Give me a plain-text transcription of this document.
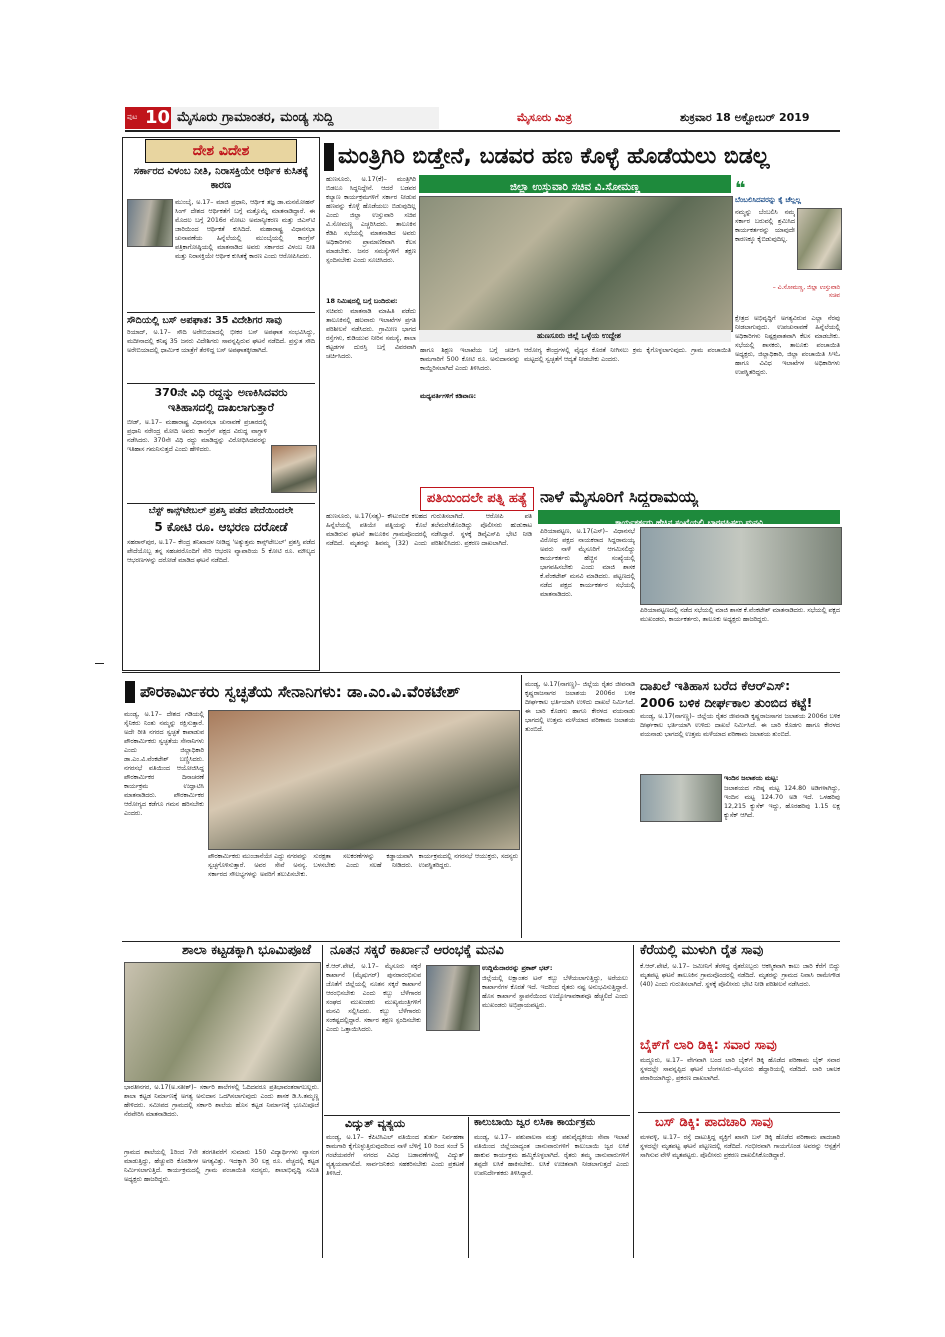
ಪುಟ 10 ಮೈಸೂರು ಗ್ರಾಮಾಂತರ, ಮಂಡ್ಯ ಸುದ್ದಿ	ಮೈಸೂರು ಮಿತ್ರ	ಶುಕ್ರವಾರ 18 ಅಕ್ಟೋಬರ್ 2019
ದೇಶ ವಿದೇಶ
ಸರ್ಕಾರದ ವಿಳಂಬ ನೀತಿ, ನಿರಾಸಕ್ತಿಯೇ ಆರ್ಥಿಕ ಕುಸಿತಕ್ಕೆ ಕಾರಣ
ಮುಂಬೈ, ಅ.17– ಮಾಜಿ ಪ್ರಧಾನಿ, ಆರ್ಥಿಕ ತಜ್ಞ ಡಾ.ಮನಮೋಹನ್ ಸಿಂಗ್ ದೇಶದ ಆರ್ಥಿಕತೆಗೆ ಬಗ್ಗೆ ಮತ್ತೊಮ್ಮೆ ಮಾತನಾಡಿದ್ದಾರೆ. ಈ ಮೊದಲ ಬಗ್ಗೆ 2016ರ ನೋಟು ಅಮಾನ್ಯೀಕರಣ ಮತ್ತು ಜಿಎಸ್‌ಟಿ ಜಾರಿಯಿಂದ ಆರ್ಥಿಕತೆ ಕುಸಿದಿದೆ. ಮಹಾರಾಷ್ಟ್ರ ವಿಧಾನಸಭಾ ಚುನಾವಣೆಯ ಹಿನ್ನೆಲೆಯಲ್ಲಿ ಮುಂಬೈಯಲ್ಲಿ ಕಾಂಗ್ರೆಸ್ ಪತ್ರಿಕಾಗೋಷ್ಠಿಯಲ್ಲಿ ಮಾತನಾಡಿದ ಅವರು ಸರ್ಕಾರದ ವಿಳಂಬ ನೀತಿ ಮತ್ತು ನಿರಾಸಕ್ತಿಯೇ ಆರ್ಥಿಕ ಕುಸಿತಕ್ಕೆ ಕಾರಣ ಎಂದು ಆರೋಪಿಸಿದರು.
ಸೌದಿಯಲ್ಲಿ ಬಸ್ ಅಪಘಾತ: 35 ವಿದೇಶಿಗರ ಸಾವು
ರಿಯಾದ್, ಅ.17– ಸೌದಿ ಅರೇಬಿಯಾದಲ್ಲಿ ಭೀಕರ ಬಸ್ ಅಪಘಾತ ಸಂಭವಿಸಿದ್ದು, ಮದೀನಾದಲ್ಲಿ ಕನಿಷ್ಠ 35 ಜನರು ವಿದೇಶಿಗರು ಸಾವನ್ನಪ್ಪಿರುವ ಘಟನೆ ನಡೆದಿದೆ. ಪ್ರಸ್ತುತ ಸೌದಿ ಅರೇಬಿಯಾದಲ್ಲಿ ಧಾರ್ಮಿಕ ಯಾತ್ರೆಗೆ ತೆರಳಿದ್ದ ಬಸ್ ಅಪಘಾತಕ್ಕೀಡಾಗಿದೆ.
370ನೇ ವಿಧಿ ರದ್ದನ್ನು ಅಣಕಿಸಿದವರು
ಇತಿಹಾಸದಲ್ಲಿ ದಾಖಲಾಗುತ್ತಾರೆ
ಬೀಡ್, ಅ.17– ಮಹಾರಾಷ್ಟ್ರ ವಿಧಾನಸಭಾ ಚುನಾವಣೆ ಪ್ರಚಾರದಲ್ಲಿ ಪ್ರಧಾನಿ ನರೇಂದ್ರ ಮೋದಿ ಅವರು ಕಾಂಗ್ರೆಸ್ ಪಕ್ಷದ ವಿರುದ್ಧ ವಾಗ್ದಾಳಿ ನಡೆಸಿದರು. 370ನೇ ವಿಧಿ ರದ್ದು ಮಾಡಿದ್ದನ್ನು ವಿರೋಧಿಸಿದವರನ್ನು ಇತಿಹಾಸ ಗಮನಿಸುತ್ತದೆ ಎಂದು ಹೇಳಿದರು.
ಬೆಸ್ಟ್ ಕಾನ್ಸ್‌ಟೇಬಲ್ ಪ್ರಶಸ್ತಿ ಪಡೆದ ಪೇದೆಯಿಂದಲೇ
5 ಕೋಟಿ ರೂ. ಆಭರಣ ದರೋಡೆ
ಸಹರಾನ್‌ಪುರ, ಅ.17– ಕೇಂದ್ರ ತನಿಖಾದಳ ನೀಡಿದ್ದ 'ಅತ್ಯುತ್ತಮ ಕಾನ್ಸ್‌ಟೇಬಲ್' ಪ್ರಶಸ್ತಿ ಪಡೆದ ಪೇದೆಯೊಬ್ಬ ತನ್ನ ಸಹಚರರೊಂದಿಗೆ ಸೇರಿ ಆಭರಣ ವ್ಯಾಪಾರಿಯ 5 ಕೋಟಿ ರೂ. ಮೌಲ್ಯದ ಆಭರಣಗಳನ್ನು ದರೋಡೆ ಮಾಡಿದ ಘಟನೆ ನಡೆದಿದೆ.
ಮಂತ್ರಿಗಿರಿ ಬಿಡ್ತೇನೆ, ಬಡವರ ಹಣ ಕೊಳ್ಳೆ ಹೊಡೆಯಲು ಬಿಡಲ್ಲ
ಜಿಲ್ಲಾ ಉಸ್ತುವಾರಿ ಸಚಿವ ವಿ.ಸೋಮಣ್ಣ
ಹುಣಸೂರು, ಅ.17(ಕೆ)– ಮಂತ್ರಿಗಿರಿ ಬಿಡಲೂ ಸಿದ್ಧನಿದ್ದೇನೆ. ಆದರೆ ಬಡವರ ಕಲ್ಯಾಣ ಕಾರ್ಯಕ್ರಮಗಳಿಗೆ ಸರ್ಕಾರ ನೀಡುವ ಹಣವನ್ನು ಕೊಳ್ಳೆ ಹೊಡೆಯಲು ಬಿಡುವುದಿಲ್ಲ ಎಂದು ಜಿಲ್ಲಾ ಉಸ್ತುವಾರಿ ಸಚಿವ ವಿ.ಸೋಮಣ್ಣ ಎಚ್ಚರಿಸಿದರು. ತಾಲೂಕಿನ ಕೆಡಿಪಿ ಸಭೆಯಲ್ಲಿ ಮಾತನಾಡಿದ ಅವರು ಅಧಿಕಾರಿಗಳು ಪ್ರಾಮಾಣಿಕವಾಗಿ ಕೆಲಸ ಮಾಡಬೇಕು. ಜನರ ಸಮಸ್ಯೆಗಳಿಗೆ ತಕ್ಷಣ ಸ್ಪಂದಿಸಬೇಕು ಎಂದು ಸೂಚಿಸಿದರು.
18 ನಿಮಿಷದಲ್ಲಿ ಬಗ್ಗೆ ಬಂದಿರುವ:
ಸಚಿವರು ಮಾತನಾಡಿ ಮಾಹಿತಿ ಪಡೆದು ತಾಲೂಕಿನಲ್ಲಿ ಹಲವಾರು ಇಲಾಖೆಗಳ ಪ್ರಗತಿ ಪರಿಶೀಲನೆ ನಡೆಸಿದರು. ಗ್ರಾಮೀಣ ಭಾಗದ ರಸ್ತೆಗಳು, ಕುಡಿಯುವ ನೀರಿನ ಸಮಸ್ಯೆ, ಶಾಲಾ ಕಟ್ಟಡಗಳ ದುರಸ್ತಿ ಬಗ್ಗೆ ವಿವರವಾಗಿ ಚರ್ಚಿಸಿದರು.
ಹುಣಸೂರು ಜಿಲ್ಲೆ ಒಳ್ಳೆಯ ಉದ್ದೇಶ
ಹಾಗೂ ಶಿಕ್ಷಣ ಇಲಾಖೆಯ ಬಗ್ಗೆ ಚರ್ಚಿಸಿ ಕಾಮಗಾರಿಗೆ 500 ಕೋಟಿ ರೂ. ಅನುದಾನವನ್ನು ಕಾಯ್ದಿರಿಸಲಾಗಿದೆ ಎಂದು ತಿಳಿಸಿದರು.
ಮಧ್ಯವರ್ತಿಗಳಿಗೆ ಕಡಿವಾಣ:
ಆರೋಗ್ಯ ಕೇಂದ್ರಗಳಲ್ಲಿ ವೈದ್ಯರ ಕೊರತೆ ನೀಗಿಸಲು ಕ್ರಮ ಕೈಗೊಳ್ಳಲಾಗುವುದು. ಗ್ರಾಮ ಪಂಚಾಯಿತಿ ಮಟ್ಟದಲ್ಲಿ ಸ್ವಚ್ಛತೆಗೆ ಆದ್ಯತೆ ನೀಡಬೇಕು ಎಂದರು.
❝
ಬೆಂಬಲಿಸಿದವರನ್ನು ಕೈ ಚೆಲ್ಲಲ್ಲ
ನಮ್ಮನ್ನು ಬೆಂಬಲಿಸಿ ನಮ್ಮ ಸರ್ಕಾರ ಬರುವಲ್ಲಿ ಶ್ರಮಿಸಿದ ಕಾರ್ಯಕರ್ತರನ್ನು ಯಾವುದೇ ಕಾರಣಕ್ಕೂ ಕೈಬಿಡುವುದಿಲ್ಲ.
– ವಿ.ಸೋಮಣ್ಣ, ಜಿಲ್ಲಾ ಉಸ್ತುವಾರಿ ಸಚಿವ
ಕ್ಷೇತ್ರದ ಅಭಿವೃದ್ಧಿಗೆ ಅಗತ್ಯವಿರುವ ಎಲ್ಲಾ ನೆರವು ನೀಡಲಾಗುವುದು. ಉಪಚುನಾವಣೆ ಹಿನ್ನೆಲೆಯಲ್ಲಿ ಅಧಿಕಾರಿಗಳು ನಿಷ್ಪಕ್ಷಪಾತವಾಗಿ ಕೆಲಸ ಮಾಡಬೇಕು. ಸಭೆಯಲ್ಲಿ ಶಾಸಕರು, ತಾಲೂಕು ಪಂಚಾಯಿತಿ ಅಧ್ಯಕ್ಷರು, ಜಿಲ್ಲಾಧಿಕಾರಿ, ಜಿಲ್ಲಾ ಪಂಚಾಯಿತಿ ಸಿಇಓ ಹಾಗೂ ವಿವಿಧ ಇಲಾಖೆಗಳ ಅಧಿಕಾರಿಗಳು ಉಪಸ್ಥಿತರಿದ್ದರು.
ಪತಿಯಿಂದಲೇ ಪತ್ನಿ ಹತ್ಯೆ
ಹುಣಸೂರು, ಅ.17(ಸತ್ಯ)– ಕೌಟುಂಬಿಕ ಕಲಹದ ಹಿನ್ನೆಲೆಯಲ್ಲಿ ಪತಿಯೇ ಪತ್ನಿಯನ್ನು ಕೊಲೆ ಮಾಡಿರುವ ಘಟನೆ ತಾಲೂಕಿನ ಗ್ರಾಮವೊಂದರಲ್ಲಿ ನಡೆದಿದೆ. ಮೃತರನ್ನು ಶಿವಮ್ಮ (32) ಎಂದು ಗುರುತಿಸಲಾಗಿದೆ. ಆರೋಪಿ ಪತಿ ತಲೆಮರೆಸಿಕೊಂಡಿದ್ದು ಪೊಲೀಸರು ಹುಡುಕಾಟ ನಡೆಸಿದ್ದಾರೆ. ಸ್ಥಳಕ್ಕೆ ಡಿವೈಎಸ್‌ಪಿ ಭೇಟಿ ನೀಡಿ ಪರಿಶೀಲಿಸಿದರು. ಪ್ರಕರಣ ದಾಖಲಾಗಿದೆ.
ನಾಳೆ ಮೈಸೂರಿಗೆ ಸಿದ್ದರಾಮಯ್ಯ
ಕಾರ್ಯಕರ್ತರು ಹೆಚ್ಚಿನ ಸಂಖ್ಯೆಯಲ್ಲಿ ಭಾಗವಹಿಸಲು ಮನವಿ
ಪಿರಿಯಾಪಟ್ಟಣ, ಅ.17(ಎಸ್)– ವಿಧಾನಸಭೆ ವಿರೋಧ ಪಕ್ಷದ ನಾಯಕರಾದ ಸಿದ್ದರಾಮಯ್ಯ ಅವರು ನಾಳೆ ಮೈಸೂರಿಗೆ ಆಗಮಿಸಲಿದ್ದು ಕಾರ್ಯಕರ್ತರು ಹೆಚ್ಚಿನ ಸಂಖ್ಯೆಯಲ್ಲಿ ಭಾಗವಹಿಸಬೇಕು ಎಂದು ಮಾಜಿ ಶಾಸಕ ಕೆ.ವೆಂಕಟೇಶ್ ಮನವಿ ಮಾಡಿದರು. ಪಟ್ಟಣದಲ್ಲಿ ನಡೆದ ಪಕ್ಷದ ಕಾರ್ಯಕರ್ತರ ಸಭೆಯಲ್ಲಿ ಮಾತನಾಡಿದರು.
ಪಿರಿಯಾಪಟ್ಟಣದಲ್ಲಿ ನಡೆದ ಸಭೆಯಲ್ಲಿ ಮಾಜಿ ಶಾಸಕ ಕೆ.ವೆಂಕಟೇಶ್ ಮಾತನಾಡಿದರು. ಸಭೆಯಲ್ಲಿ ಪಕ್ಷದ ಮುಖಂಡರು, ಕಾರ್ಯಕರ್ತರು, ತಾಲೂಕು ಅಧ್ಯಕ್ಷರು ಹಾಜರಿದ್ದರು.
ಪೌರಕಾರ್ಮಿಕರು ಸ್ವಚ್ಛತೆಯ ಸೇನಾನಿಗಳು: ಡಾ.ಎಂ.ವಿ.ವೆಂಕಟೇಶ್
ಮಂಡ್ಯ, ಅ.17– ದೇಶದ ಗಡಿಯಲ್ಲಿ ಸೈನಿಕರು ನಿಂತು ನಮ್ಮನ್ನು ರಕ್ಷಿಸುತ್ತಾರೆ. ಅದೇ ರೀತಿ ನಗರದ ಸ್ವಚ್ಛತೆ ಕಾಪಾಡುವ ಪೌರಕಾರ್ಮಿಕರು ಸ್ವಚ್ಛತೆಯ ಸೇನಾನಿಗಳು ಎಂದು ಜಿಲ್ಲಾಧಿಕಾರಿ ಡಾ.ಎಂ.ವಿ.ವೆಂಕಟೇಶ್ ಬಣ್ಣಿಸಿದರು. ನಗರಸಭೆ ವತಿಯಿಂದ ಆಯೋಜಿಸಿದ್ದ ಪೌರಕಾರ್ಮಿಕರ ದಿನಾಚರಣೆ ಕಾರ್ಯಕ್ರಮ ಉದ್ಘಾಟಿಸಿ ಮಾತನಾಡಿದರು. ಪೌರಕಾರ್ಮಿಕರ ಆರೋಗ್ಯದ ಕಡೆಗೂ ಗಮನ ಹರಿಸಬೇಕು ಎಂದರು.
ಪೌರಕಾರ್ಮಿಕರು ಮುಂಜಾನೆಯೇ ಎದ್ದು ನಗರವನ್ನು ಸ್ವಚ್ಛಗೊಳಿಸುತ್ತಾರೆ. ಅವರ ಸೇವೆ ಅನನ್ಯ. ಸರ್ಕಾರದ ಸೌಲಭ್ಯಗಳನ್ನು ಅವರಿಗೆ ತಲುಪಿಸಬೇಕು. ಸುರಕ್ಷತಾ ಸಲಕರಣೆಗಳನ್ನು ಕಡ್ಡಾಯವಾಗಿ ಬಳಸಬೇಕು ಎಂದು ಸಲಹೆ ನೀಡಿದರು. ಕಾರ್ಯಕ್ರಮದಲ್ಲಿ ನಗರಸಭೆ ಆಯುಕ್ತರು, ಸದಸ್ಯರು ಉಪಸ್ಥಿತರಿದ್ದರು.
ದಾಖಲೆ ಇತಿಹಾಸ ಬರೆದ ಕೆಆರ್‌ಎಸ್:
2006 ಬಳಿಕ ದೀರ್ಘಕಾಲ ತುಂಬಿದ ಕಟ್ಟೆ!
ಮಂಡ್ಯ, ಅ.17(ನಾಗಣ್ಣ)– ಜಿಲ್ಲೆಯ ರೈತರ ಜೀವನಾಡಿ ಕೃಷ್ಣರಾಜಸಾಗರ ಜಲಾಶಯ 2006ರ ಬಳಿಕ ದೀರ್ಘಕಾಲ ಭರ್ತಿಯಾಗಿ ಉಳಿದು ದಾಖಲೆ ನಿರ್ಮಿಸಿದೆ. ಈ ಬಾರಿ ಕೊಡಗು ಹಾಗೂ ಕೇರಳದ ವಯನಾಡು ಭಾಗದಲ್ಲಿ ಉತ್ತಮ ಮಳೆಯಾದ ಪರಿಣಾಮ ಜಲಾಶಯ ತುಂಬಿದೆ.
ಮಂಡ್ಯ, ಅ.17(ನಾಗಣ್ಣ)– ಜಿಲ್ಲೆಯ ರೈತರ ಜೀವನಾಡಿ ಕೃಷ್ಣರಾಜಸಾಗರ ಜಲಾಶಯ 2006ರ ಬಳಿಕ ದೀರ್ಘಕಾಲ ಭರ್ತಿಯಾಗಿ ಉಳಿದು ದಾಖಲೆ ನಿರ್ಮಿಸಿದೆ. ಈ ಬಾರಿ ಕೊಡಗು ಹಾಗೂ ಕೇರಳದ ವಯನಾಡು ಭಾಗದಲ್ಲಿ ಉತ್ತಮ ಮಳೆಯಾದ ಪರಿಣಾಮ ಜಲಾಶಯ ತುಂಬಿದೆ.
ಇಂದಿನ ಜಲಾಶಯ ಮಟ್ಟ:
ಜಲಾಶಯದ ಗರಿಷ್ಠ ಮಟ್ಟ 124.80 ಅಡಿಗಳಾಗಿದ್ದು, ಇಂದಿನ ಮಟ್ಟ 124.70 ಅಡಿ ಇದೆ. ಒಳಹರಿವು 12,215 ಕ್ಯುಸೆಕ್ ಇದ್ದು, ಹೊರಹರಿವು 1.15 ಲಕ್ಷ ಕ್ಯುಸೆಕ್ ಆಗಿದೆ.
ಶಾಲಾ ಕಟ್ಟಡಕ್ಕಾಗಿ ಭೂಮಿಪೂಜೆ
ಭಾರತೀನಗರ, ಅ.17(ಅ.ಸತೀಶ್)– ಸರ್ಕಾರಿ ಶಾಲೆಗಳಲ್ಲಿ ಓದಿದವರೂ ಪ್ರತಿಭಾವಂತರಾಗಬಲ್ಲರು. ಶಾಲಾ ಕಟ್ಟಡ ನಿರ್ಮಾಣಕ್ಕೆ ಅಗತ್ಯ ಅನುದಾನ ಒದಗಿಸಲಾಗುವುದು ಎಂದು ಶಾಸಕ ಡಿ.ಸಿ.ತಮ್ಮಣ್ಣ ಹೇಳಿದರು. ಸಮೀಪದ ಗ್ರಾಮದಲ್ಲಿ ಸರ್ಕಾರಿ ಶಾಲೆಯ ಹೊಸ ಕಟ್ಟಡ ನಿರ್ಮಾಣಕ್ಕೆ ಭೂಮಿಪೂಜೆ ನೆರವೇರಿಸಿ ಮಾತನಾಡಿದರು.
ಗ್ರಾಮದ ಶಾಲೆಯಲ್ಲಿ 1ರಿಂದ 7ನೇ ತರಗತಿವರೆಗೆ ಸುಮಾರು 150 ವಿದ್ಯಾರ್ಥಿಗಳು ವ್ಯಾಸಂಗ ಮಾಡುತ್ತಿದ್ದು, ಹೆಚ್ಚುವರಿ ಕೊಠಡಿಗಳ ಅಗತ್ಯವಿತ್ತು. ಇದಕ್ಕಾಗಿ 30 ಲಕ್ಷ ರೂ. ವೆಚ್ಚದಲ್ಲಿ ಕಟ್ಟಡ ನಿರ್ಮಿಸಲಾಗುತ್ತಿದೆ. ಕಾರ್ಯಕ್ರಮದಲ್ಲಿ ಗ್ರಾಮ ಪಂಚಾಯಿತಿ ಸದಸ್ಯರು, ಶಾಲಾಭಿವೃದ್ಧಿ ಸಮಿತಿ ಅಧ್ಯಕ್ಷರು ಹಾಜರಿದ್ದರು.
ನೂತನ ಸಕ್ಕರೆ ಕಾರ್ಖಾನೆ ಆರಂಭಕ್ಕೆ ಮನವಿ
ಕೆ.ಆರ್.ಪೇಟೆ, ಅ.17– ಮೈಸೂರು ಸಕ್ಕರೆ ಕಾರ್ಖಾನೆ (ಮೈಷುಗರ್) ಪುನರಾರಂಭಿಸುವ ಜೊತೆಗೆ ಜಿಲ್ಲೆಯಲ್ಲಿ ನೂತನ ಸಕ್ಕರೆ ಕಾರ್ಖಾನೆ ಆರಂಭಿಸಬೇಕು ಎಂದು ಕಬ್ಬು ಬೆಳೆಗಾರರ ಸಂಘದ ಮುಖಂಡರು ಮುಖ್ಯಮಂತ್ರಿಗಳಿಗೆ ಮನವಿ ಸಲ್ಲಿಸಿದರು. ಕಬ್ಬು ಬೆಳೆಗಾರರು ಸಂಕಷ್ಟದಲ್ಲಿದ್ದಾರೆ. ಸರ್ಕಾರ ತಕ್ಷಣ ಸ್ಪಂದಿಸಬೇಕು ಎಂದು ಒತ್ತಾಯಿಸಿದರು.
ಉದ್ದಿಮೆದಾರರನ್ನು ಪ್ರಕಾಶ್ ಭಟ್:
ಜಿಲ್ಲೆಯಲ್ಲಿ ಲಕ್ಷಾಂತರ ಟನ್ ಕಬ್ಬು ಬೆಳೆಯಲಾಗುತ್ತಿದ್ದು, ಅರೆಯಲು ಕಾರ್ಖಾನೆಗಳ ಕೊರತೆ ಇದೆ. ಇದರಿಂದ ರೈತರು ನಷ್ಟ ಅನುಭವಿಸುತ್ತಿದ್ದಾರೆ. ಹೊಸ ಕಾರ್ಖಾನೆ ಸ್ಥಾಪನೆಯಿಂದ ಉದ್ಯೋಗಾವಕಾಶವೂ ಹೆಚ್ಚಲಿದೆ ಎಂದು ಮುಖಂಡರು ಅಭಿಪ್ರಾಯಪಟ್ಟರು.
ವಿದ್ಯುತ್ ವ್ಯತ್ಯಯ
ಮಂಡ್ಯ, ಅ.17– ಕೆಪಿಟಿಸಿಎಲ್ ವತಿಯಿಂದ ತುರ್ತು ನಿರ್ವಹಣಾ ಕಾಮಗಾರಿ ಕೈಗೊಳ್ಳುತ್ತಿರುವುದರಿಂದ ನಾಳೆ ಬೆಳಿಗ್ಗೆ 10 ರಿಂದ ಸಂಜೆ 5 ಗಂಟೆಯವರೆಗೆ ನಗರದ ವಿವಿಧ ಬಡಾವಣೆಗಳಲ್ಲಿ ವಿದ್ಯುತ್ ವ್ಯತ್ಯಯವಾಗಲಿದೆ. ಸಾರ್ವಜನಿಕರು ಸಹಕರಿಸಬೇಕು ಎಂದು ಪ್ರಕಟಣೆ ತಿಳಿಸಿದೆ.
ಕಾಲುಬಾಯಿ ಜ್ವರ ಲಸಿಕಾ ಕಾರ್ಯಕ್ರಮ
ಮಂಡ್ಯ, ಅ.17– ಪಶುಪಾಲನಾ ಮತ್ತು ಪಶುವೈದ್ಯಕೀಯ ಸೇವಾ ಇಲಾಖೆ ವತಿಯಿಂದ ಜಿಲ್ಲೆಯಾದ್ಯಂತ ಜಾನುವಾರುಗಳಿಗೆ ಕಾಲುಬಾಯಿ ಜ್ವರ ಲಸಿಕೆ ಹಾಕುವ ಕಾರ್ಯಕ್ರಮ ಹಮ್ಮಿಕೊಳ್ಳಲಾಗಿದೆ. ರೈತರು ತಮ್ಮ ಜಾನುವಾರುಗಳಿಗೆ ತಪ್ಪದೇ ಲಸಿಕೆ ಹಾಕಿಸಬೇಕು. ಲಸಿಕೆ ಉಚಿತವಾಗಿ ನೀಡಲಾಗುತ್ತದೆ ಎಂದು ಉಪನಿರ್ದೇಶಕರು ತಿಳಿಸಿದ್ದಾರೆ.
ಕೆರೆಯಲ್ಲಿ ಮುಳುಗಿ ರೈತ ಸಾವು
ಕೆ.ಆರ್.ಪೇಟೆ, ಅ.17– ಜಮೀನಿಗೆ ತೆರಳಿದ್ದ ರೈತರೊಬ್ಬರು ಆಕಸ್ಮಿಕವಾಗಿ ಕಾಲು ಜಾರಿ ಕೆರೆಗೆ ಬಿದ್ದು ಮೃತಪಟ್ಟ ಘಟನೆ ತಾಲೂಕಿನ ಗ್ರಾಮವೊಂದರಲ್ಲಿ ನಡೆದಿದೆ. ಮೃತರನ್ನು ಗ್ರಾಮದ ನಿವಾಸಿ ರಾಮೇಗೌಡ (40) ಎಂದು ಗುರುತಿಸಲಾಗಿದೆ. ಸ್ಥಳಕ್ಕೆ ಪೊಲೀಸರು ಭೇಟಿ ನೀಡಿ ಪರಿಶೀಲನೆ ನಡೆಸಿದರು.
ಬೈಕ್‌ಗೆ ಲಾರಿ ಡಿಕ್ಕಿ: ಸವಾರ ಸಾವು
ಮದ್ದೂರು, ಅ.17– ವೇಗವಾಗಿ ಬಂದ ಲಾರಿ ಬೈಕ್‌ಗೆ ಡಿಕ್ಕಿ ಹೊಡೆದ ಪರಿಣಾಮ ಬೈಕ್ ಸವಾರ ಸ್ಥಳದಲ್ಲೇ ಸಾವನ್ನಪ್ಪಿದ ಘಟನೆ ಬೆಂಗಳೂರು–ಮೈಸೂರು ಹೆದ್ದಾರಿಯಲ್ಲಿ ನಡೆದಿದೆ. ಲಾರಿ ಚಾಲಕ ಪರಾರಿಯಾಗಿದ್ದು, ಪ್ರಕರಣ ದಾಖಲಾಗಿದೆ.
ಬಸ್ ಡಿಕ್ಕಿ: ಪಾದಚಾರಿ ಸಾವು
ಮಳವಳ್ಳಿ, ಅ.17– ರಸ್ತೆ ದಾಟುತ್ತಿದ್ದ ವ್ಯಕ್ತಿಗೆ ಖಾಸಗಿ ಬಸ್ ಡಿಕ್ಕಿ ಹೊಡೆದ ಪರಿಣಾಮ ಪಾದಚಾರಿ ಸ್ಥಳದಲ್ಲೇ ಮೃತಪಟ್ಟ ಘಟನೆ ಪಟ್ಟಣದಲ್ಲಿ ನಡೆದಿದೆ. ಗಂಭೀರವಾಗಿ ಗಾಯಗೊಂಡ ಅವರನ್ನು ಆಸ್ಪತ್ರೆಗೆ ಸಾಗಿಸುವ ವೇಳೆ ಮೃತಪಟ್ಟರು. ಪೊಲೀಸರು ಪ್ರಕರಣ ದಾಖಲಿಸಿಕೊಂಡಿದ್ದಾರೆ.
